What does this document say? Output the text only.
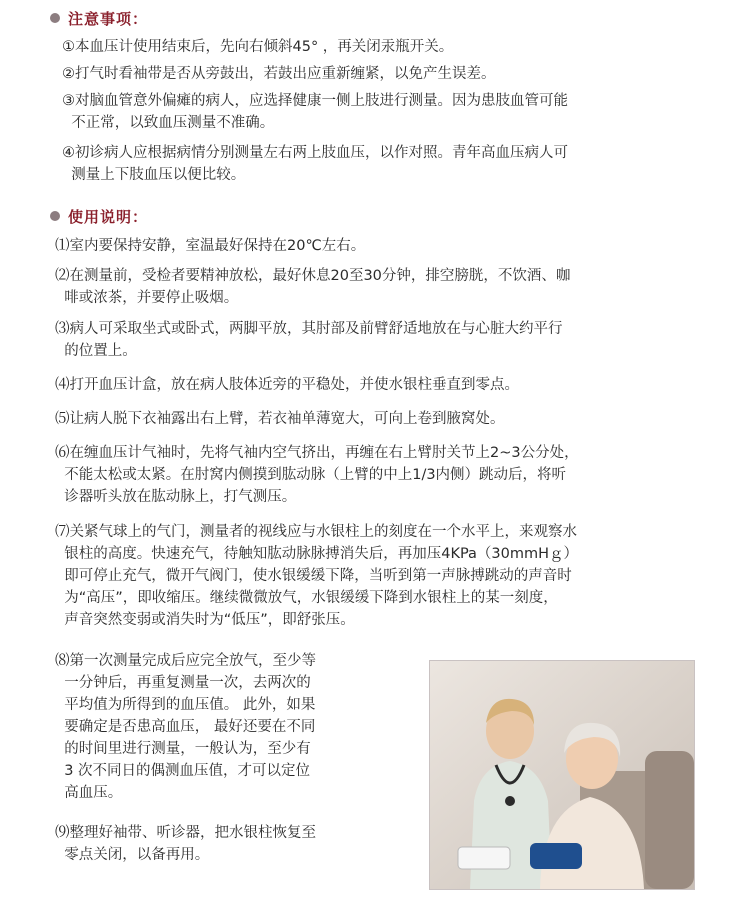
注意事项：
①本血压计使用结束后，先向右倾斜45° ，再关闭汞瓶开关。
②打气时看袖带是否从旁鼓出，若鼓出应重新缠紧，以免产生误差。
③对脑血管意外偏瘫的病人，应选择健康一侧上肢进行测量。因为患肢血管可能
不正常，以致血压测量不准确。
④初诊病人应根据病情分别测量左右两上肢血压，以作对照。青年高血压病人可
测量上下肢血压以便比较。
使用说明：
⑴室内要保持安静，室温最好保持在20℃左右。
⑵在测量前，受检者要精神放松，最好休息20至30分钟，排空膀胱，不饮酒、咖
啡或浓茶，并要停止吸烟。
⑶病人可采取坐式或卧式，两脚平放，其肘部及前臂舒适地放在与心脏大约平行
的位置上。
⑷打开血压计盒，放在病人肢体近旁的平稳处，并使水银柱垂直到零点。
⑸让病人脱下衣袖露出右上臂，若衣袖单薄宽大，可向上卷到腋窝处。
⑹在缠血压计气袖时，先将气袖内空气挤出，再缠在右上臂肘关节上2~3公分处，
不能太松或太紧。在肘窝内侧摸到肱动脉（上臂的中上1/3内侧）跳动后，将听
诊器听头放在肱动脉上，打气测压。
⑺关紧气球上的气门，测量者的视线应与水银柱上的刻度在一个水平上，来观察水
银柱的高度。快速充气，待触知肱动脉脉搏消失后，再加压4KPa（30mmHｇ）
即可停止充气，微开气阀门，使水银缓缓下降，当听到第一声脉搏跳动的声音时
为“高压”，即收缩压。继续微微放气，水银缓缓下降到水银柱上的某一刻度，
声音突然变弱或消失时为“低压”，即舒张压。
⑻第一次测量完成后应完全放气，至少等
一分钟后，再重复测量一次，去两次的
平均值为所得到的血压值。 此外，如果
要确定是否患高血压， 最好还要在不同
的时间里进行测量，一般认为，至少有
3 次不同日的偶测血压值，才可以定位
高血压。
⑼整理好袖带、听诊器，把水银柱恢复至
零点关闭，以备再用。
